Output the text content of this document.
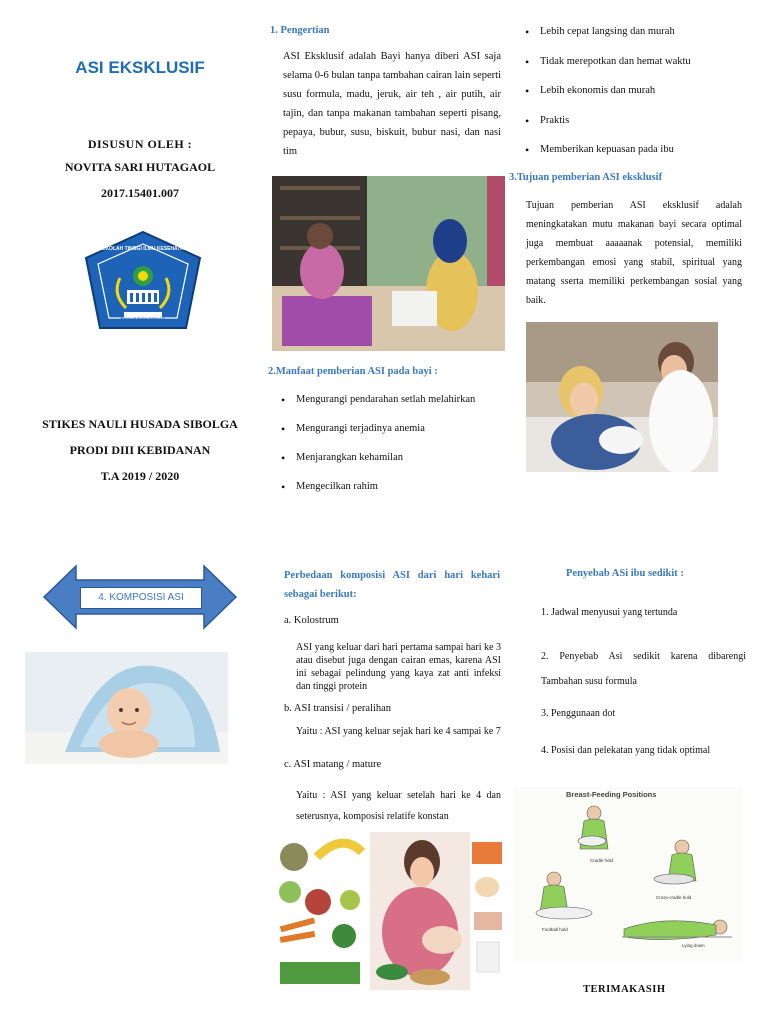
ASI EKSKLUSIF
DISUSUN OLEH :
NOVITA SARI HUTAGAOL
2017.15401.007
SEKOLAH TINGGI ILMU KESEHATAN
NAULI HUSADA SIBOLGA
STIKES NAULI HUSADA SIBOLGA
PRODI DIII KEBIDANAN
T.A 2019 / 2020
4. KOMPOSISI ASI
1. Pengertian
ASI Eksklusif adalah Bayi hanya diberi ASI saja selama 0-6 bulan tanpa tambahan cairan lain seperti susu formula, madu, jeruk, air teh , air putih, air tajin, dan tanpa makanan tambahan seperti pisang, pepaya, bubur, susu, biskuit, bubur nasi, dan nasi tim
2.Manfaat pemberian ASI pada bayi :
• Mengurangi pendarahan setlah melahirkan
• Mengurangi terjadinya anemia
• Menjarangkan kehamilan
• Mengecilkan rahim
Perbedaan komposisi ASI dari hari kehari sebagai berikut:
a. Kolostrum
ASI yang keluar dari hari pertama sampai hari ke 3 atau disebut juga dengan cairan emas, karena ASI ini sebagai pelindung yang kaya zat anti infeksi dan tinggi protein
b. ASI transisi / peralihan
Yaitu : ASI yang keluar sejak hari ke 4 sampai ke 7
c. ASI matang / mature
Yaitu : ASI yang keluar setelah hari ke 4 dan seterusnya, komposisi relatife konstan
• Lebih cepat langsing dan murah
• Tidak merepotkan dan hemat waktu
• Lebih ekonomis dan murah
• Praktis
• Memberikan kepuasan pada ibu
3.Tujuan pemberian ASI eksklusif
Tujuan pemberian ASI eksklusif adalah meningkatakan mutu makanan bayi secara optimal juga membuat aaaaanak potensial, memiliki perkembangan emosi yang stabil, spiritual yang matang sserta memiliki perkembangan sosial yang baik.
Penyebab ASi ibu sedikit :
1. Jadwal menyusui yang tertunda
2. Penyebab Asi sedikit karena dibarengi Tambahan susu formula
3. Penggunaan dot
4. Posisi dan pelekatan yang tidak optimal
Breast-Feeding Positions
Cradle hold
Cross-cradle hold
Football hold
Lying down
TERIMAKASIH
